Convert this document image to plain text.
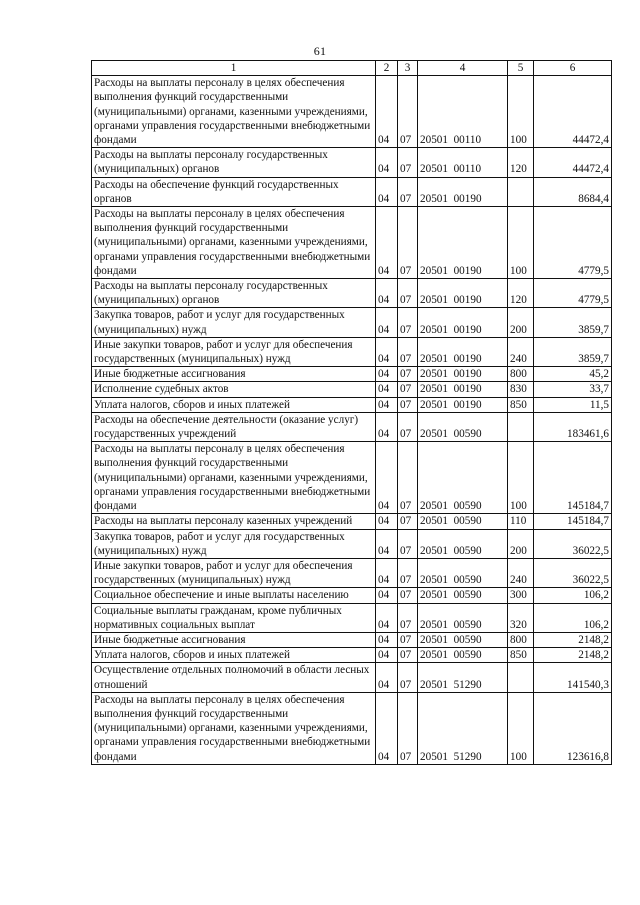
61
1	2	3	4	5	6
Расходы на выплаты персоналу в целях обеспечения выполнения функций государственными (муниципальными) органами, казенными учреждениями, органами управления государственными внебюджетными фондами	04	07	20501  00110	100	44472,4
Расходы на выплаты персоналу государственных (муниципальных) органов	04	07	20501  00110	120	44472,4
Расходы на обеспечение функций государственных органов	04	07	20501  00190		8684,4
Расходы на выплаты персоналу в целях обеспечения выполнения функций государственными (муниципальными) органами, казенными учреждениями, органами управления государственными внебюджетными фондами	04	07	20501  00190	100	4779,5
Расходы на выплаты персоналу государственных (муниципальных) органов	04	07	20501  00190	120	4779,5
Закупка товаров, работ и услуг для государственных (муниципальных) нужд	04	07	20501  00190	200	3859,7
Иные закупки товаров, работ и услуг для обеспечения государственных (муниципальных) нужд	04	07	20501  00190	240	3859,7
Иные бюджетные ассигнования	04	07	20501  00190	800	45,2
Исполнение судебных актов	04	07	20501  00190	830	33,7
Уплата налогов, сборов и иных платежей	04	07	20501  00190	850	11,5
Расходы на обеспечение деятельности (оказание услуг) государственных учреждений	04	07	20501  00590		183461,6
Расходы на выплаты персоналу в целях обеспечения выполнения функций государственными (муниципальными) органами, казенными учреждениями, органами управления государственными внебюджетными фондами	04	07	20501  00590	100	145184,7
Расходы на выплаты персоналу казенных учреждений	04	07	20501  00590	110	145184,7
Закупка товаров, работ и услуг для государственных (муниципальных) нужд	04	07	20501  00590	200	36022,5
Иные закупки товаров, работ и услуг для обеспечения государственных (муниципальных) нужд	04	07	20501  00590	240	36022,5
Социальное обеспечение и иные выплаты населению	04	07	20501  00590	300	106,2
Социальные выплаты гражданам, кроме публичных нормативных социальных выплат	04	07	20501  00590	320	106,2
Иные бюджетные ассигнования	04	07	20501  00590	800	2148,2
Уплата налогов, сборов и иных платежей	04	07	20501  00590	850	2148,2
Осуществление отдельных полномочий в области лесных отношений	04	07	20501  51290		141540,3
Расходы на выплаты персоналу в целях обеспечения выполнения функций государственными (муниципальными) органами, казенными учреждениями, органами управления государственными внебюджетными фондами	04	07	20501  51290	100	123616,8
